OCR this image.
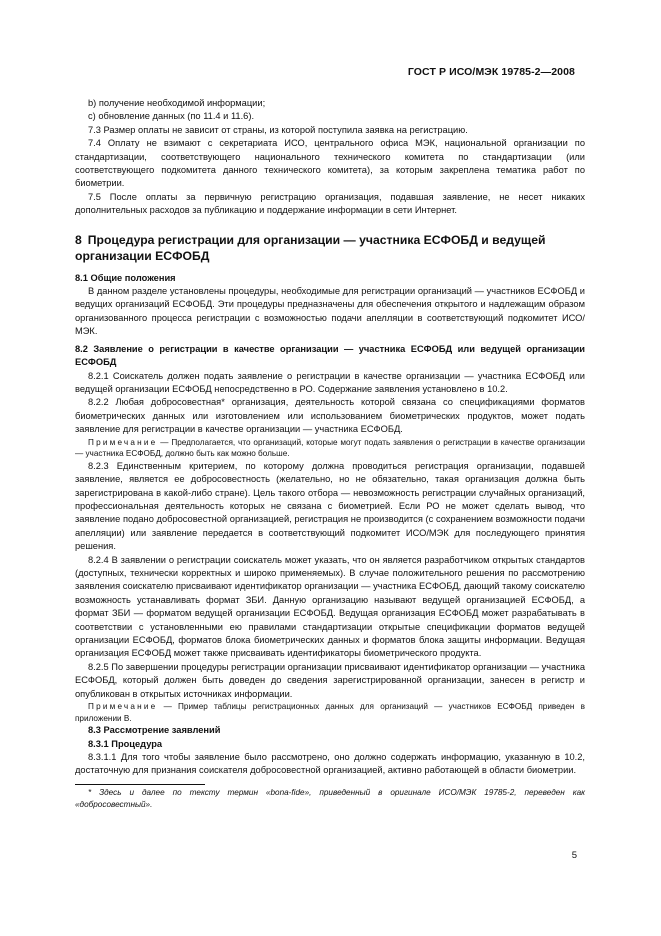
ГОСТ Р ИСО/МЭК 19785-2—2008

b) получение необходимой информации;

c) обновление данных (по 11.4 и 11.6).

7.3 Размер оплаты не зависит от страны, из которой поступила заявка на регистрацию.

7.4 Оплату не взимают с секретариата ИСО, центрального офиса МЭК, национальной организации по стандартизации, соответствующего национального технического комитета по стандартизации (или соответствующего подкомитета данного технического комитета), за которым закреплена тематика работ по биометрии.

7.5 После оплаты за первичную регистрацию организация, подавшая заявление, не несет никаких дополнительных расходов за публикацию и поддержание информации в сети Интернет.

8 Процедура регистрации для организации — участника ЕСФОБД и ведущей организации ЕСФОБД

8.1 Общие положения

В данном разделе установлены процедуры, необходимые для регистрации организаций — участников ЕСФОБД и ведущих организаций ЕСФОБД. Эти процедуры предназначены для обеспечения открытого и надлежащим образом организованного процесса регистрации с возможностью подачи апелляции в соответствующий подкомитет ИСО/МЭК.

8.2 Заявление о регистрации в качестве организации — участника ЕСФОБД или ведущей организации ЕСФОБД

8.2.1 Соискатель должен подать заявление о регистрации в качестве организации — участника ЕСФОБД или ведущей организации ЕСФОБД непосредственно в РО. Содержание заявления установлено в 10.2.

8.2.2 Любая добросовестная* организация, деятельность которой связана со спецификациями форматов биометрических данных или изготовлением или использованием биометрических продуктов, может подать заявление для регистрации в качестве организации — участника ЕСФОБД.

Примечание — Предполагается, что организаций, которые могут подать заявления о регистрации в качестве организации — участника ЕСФОБД, должно быть как можно больше.

8.2.3 Единственным критерием, по которому должна проводиться регистрация организации, подавшей заявление, является ее добросовестность (желательно, но не обязательно, такая организация должна быть зарегистрирована в какой-либо стране). Цель такого отбора — невозможность регистрации случайных организаций, профессиональная деятельность которых не связана с биометрией. Если РО не может сделать вывод, что заявление подано добросовестной организацией, регистрация не производится (с сохранением возможности подачи апелляции) или заявление передается в соответствующий подкомитет ИСО/МЭК для последующего принятия решения.

8.2.4 В заявлении о регистрации соискатель может указать, что он является разработчиком открытых стандартов (доступных, технически корректных и широко применяемых). В случае положительного решения по рассмотрению заявления соискателю присваивают идентификатор организации — участника ЕСФОБД, дающий такому соискателю возможность устанавливать формат ЗБИ. Данную организацию называют ведущей организацией ЕСФОБД, а формат ЗБИ — форматом ведущей организации ЕСФОБД. Ведущая организация ЕСФОБД может разрабатывать в соответствии с установленными ею правилами стандартизации открытые спецификации форматов ведущей организации ЕСФОБД, форматов блока биометрических данных и форматов блока защиты информации. Ведущая организация ЕСФОБД может также присваивать идентификаторы биометрического продукта.

8.2.5 По завершении процедуры регистрации организации присваивают идентификатор организации — участника ЕСФОБД, который должен быть доведен до сведения зарегистрированной организации, занесен в регистр и опубликован в открытых источниках информации.

Примечание — Пример таблицы регистрационных данных для организаций — участников ЕСФОБД приведен в приложении В.

8.3 Рассмотрение заявлений

8.3.1 Процедура

8.3.1.1 Для того чтобы заявление было рассмотрено, оно должно содержать информацию, указанную в 10.2, достаточную для признания соискателя добросовестной организацией, активно работающей в области биометрии.

* Здесь и далее по тексту термин «bona-fide», приведенный в оригинале ИСО/МЭК 19785-2, переведен как «добросовестный».

5
